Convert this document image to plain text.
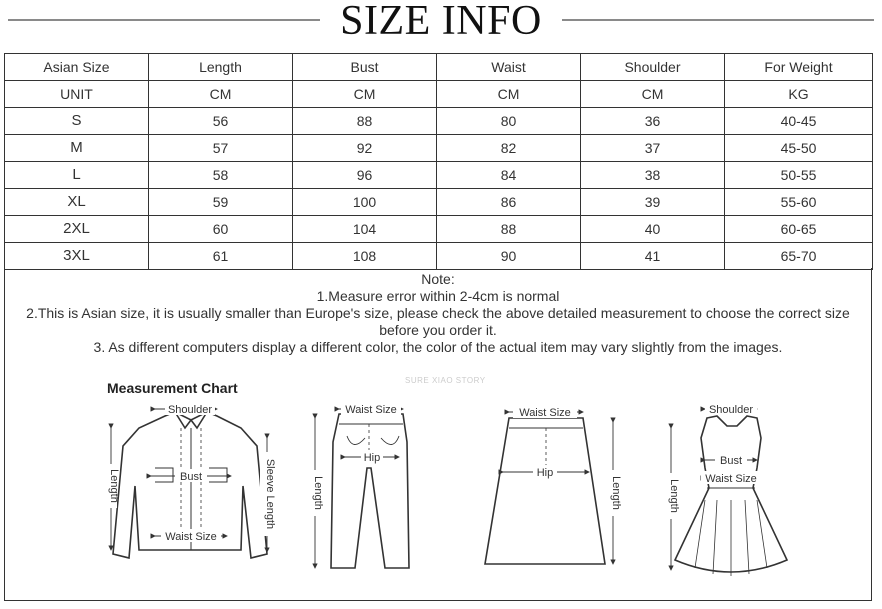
SIZE INFO
Asian Size	Length	Bust	Waist	Shoulder	For Weight
UNIT	CM	CM	CM	CM	KG
S	56	88	80	36	40-45
M	57	92	82	37	45-50
L	58	96	84	38	50-55
XL	59	100	86	39	55-60
2XL	60	104	88	40	60-65
3XL	61	108	90	41	65-70
Note:
1.Measure error within 2-4cm is normal
2.This is Asian size, it is usually smaller than Europe's size, please check the above detailed measurement to choose the correct size before you order it.
3. As different computers display a different color, the color of the actual item may vary slightly from the images.
Measurement Chart	SURE XIAO STORY
Shoulder
Bust
Waist Size
Length	Sleeve Length
Waist Size
Hip
Length
Waist Size
Hip
Length
Shoulder
Bust
Waist Size
Length
